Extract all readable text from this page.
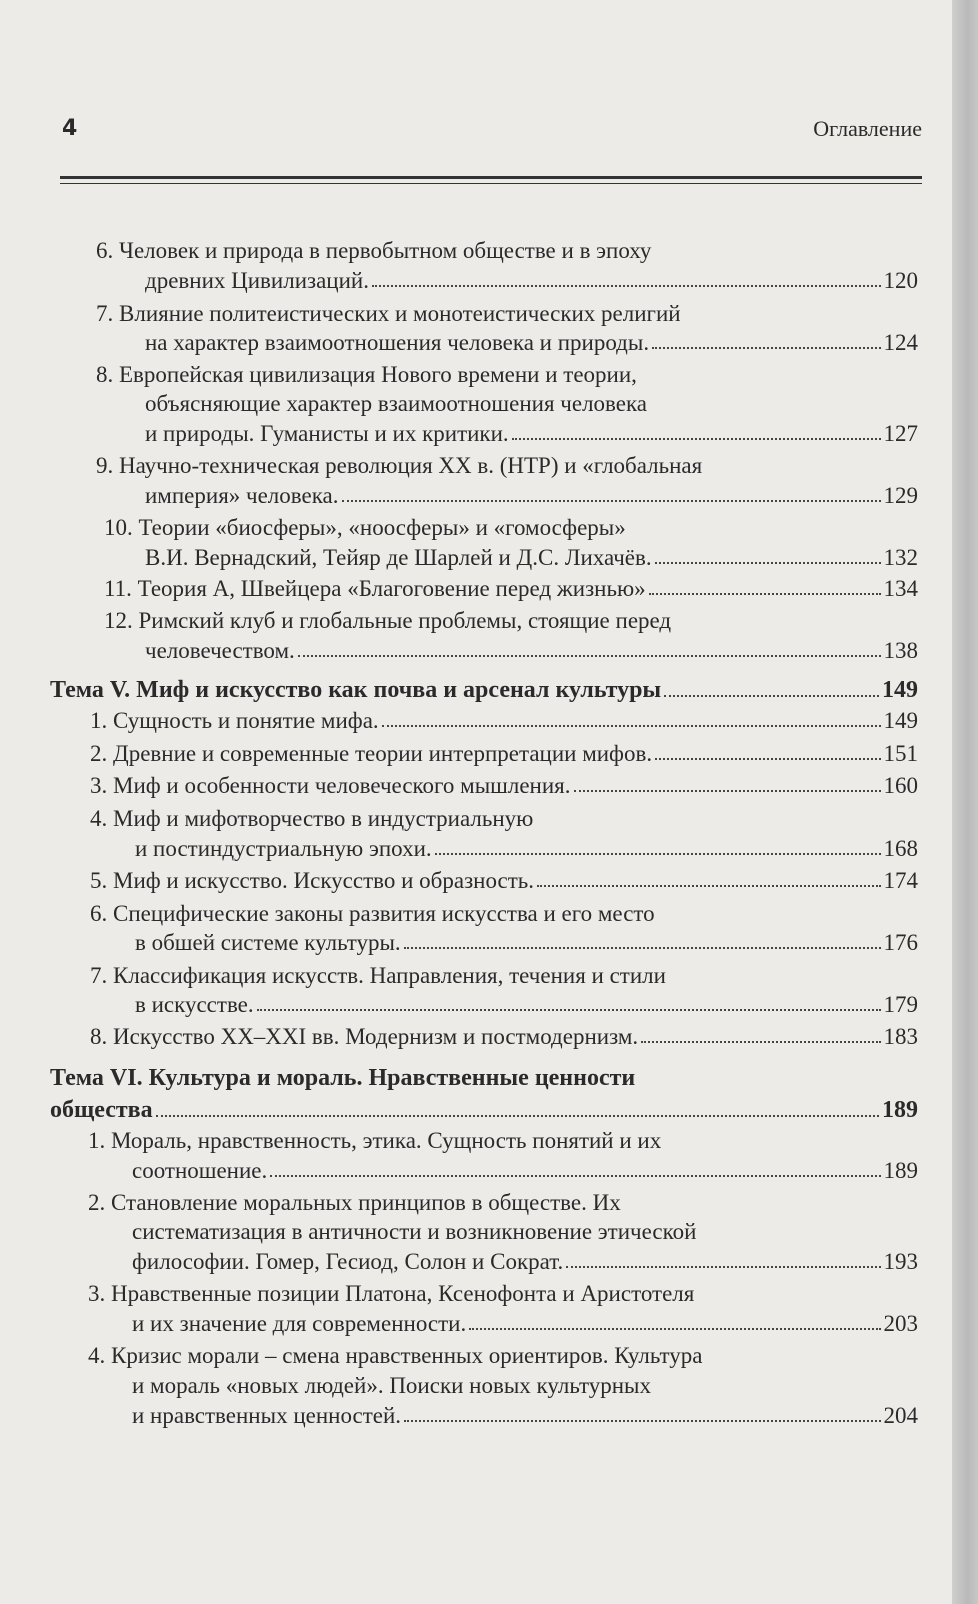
4	Оглавление
6. Человек и природа в первобытном обществе и в эпоху
древних Цивилизаций.	120
7. Влияние политеистических и монотеистических религий
на характер взаимоотношения человека и природы.	124
8. Европейская цивилизация Нового времени и теории,
объясняющие характер взаимоотношения человека
и природы. Гуманисты и их критики.	127
9. Научно-техническая революция XX в. (НТР) и «глобальная
империя» человека.	129
10. Теории «биосферы», «ноосферы» и «гомосферы»
В.И. Вернадский, Тейяр де Шарлей и Д.С. Лихачёв.	132
11. Теория А, Швейцера «Благоговение перед жизнью»	134
12. Римский клуб и глобальные проблемы, стоящие перед
человечеством.	138
Тема V. Миф и искусство как почва и арсенал культуры	149
1. Сущность и понятие мифа.	149
2. Древние и современные теории интерпретации мифов.	151
3. Миф и особенности человеческого мышления.	160
4. Миф и мифотворчество в индустриальную
и постиндустриальную эпохи.	168
5. Миф и искусство. Искусство и образность.	174
6. Специфические законы развития искусства и его место
в обшей системе культуры.	176
7. Классификация искусств. Направления, течения и стили
в искусстве.	179
8. Искусство XX–XXI вв. Модернизм и постмодернизм.	183
Тема VI. Культура и мораль. Нравственные ценности
общества	189
1. Мораль, нравственность, этика. Сущность понятий и их
соотношение.	189
2. Становление моральных принципов в обществе. Их
систематизация в античности и возникновение этической
философии. Гомер, Гесиод, Солон и Сократ.	193
3. Нравственные позиции Платона, Ксенофонта и Аристотеля
и их значение для современности.	203
4. Кризис морали – смена нравственных ориентиров. Культура
и мораль «новых людей». Поиски новых культурных
и нравственных ценностей.	204
